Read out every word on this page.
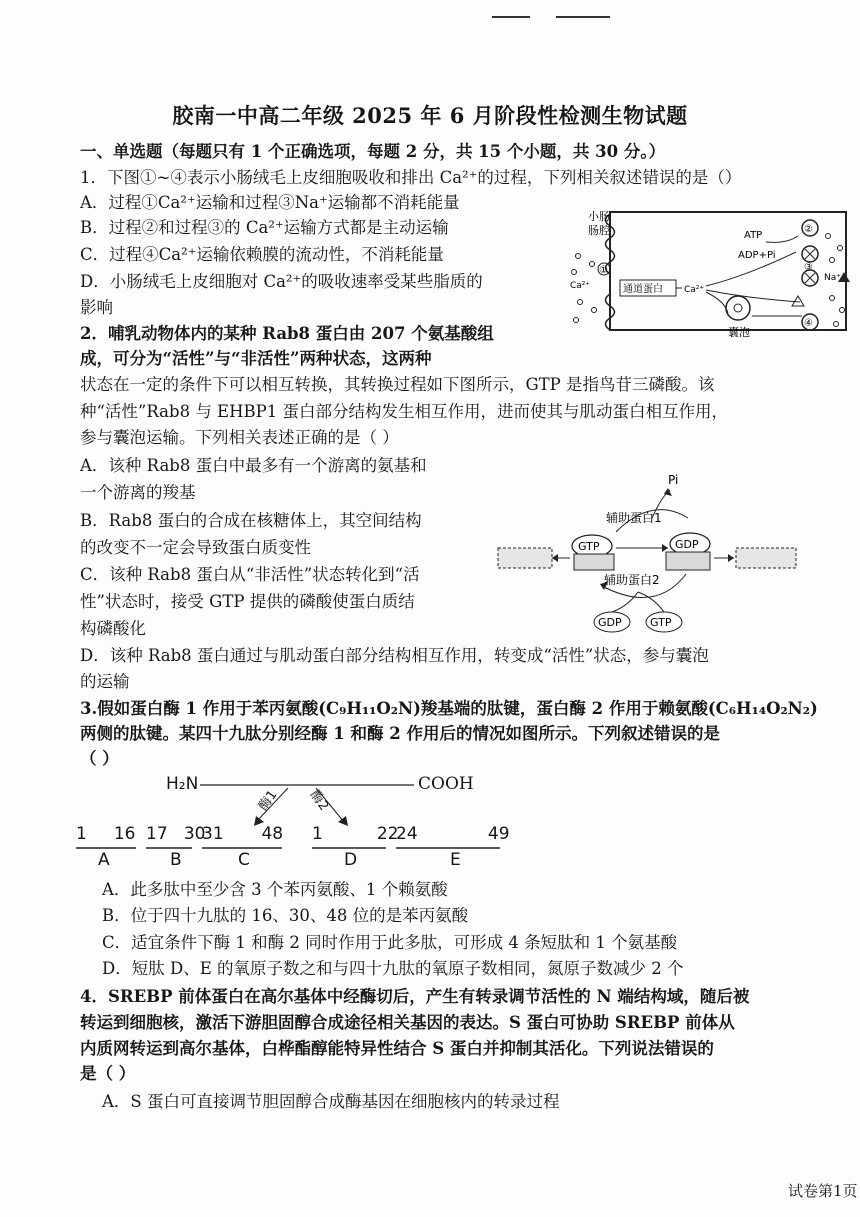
胶南一中高二年级 2025 年 6 月阶段性检测生物试题
一、单选题（每题只有 1 个正确选项，每题 2 分，共 15 个小题，共 30 分。）
1．下图①~④表示小肠绒毛上皮细胞吸收和排出 Ca²⁺的过程，下列相关叙述错误的是（）
A．过程①Ca²⁺运输和过程③Na⁺运输都不消耗能量
B．过程②和过程③的 Ca²⁺运输方式都是主动运输
C．过程④Ca²⁺运输依赖膜的流动性，不消耗能量
D．小肠绒毛上皮细胞对 Ca²⁺的吸收速率受某些脂质的
影响
小肠
肠腔
Ca²⁺
①
通道蛋白 Ca²⁺
囊泡
ATP
ADP+Pi
②
③
Na⁺
④
2．哺乳动物体内的某种 Rab8 蛋白由 207 个氨基酸组
成，可分为“活性”与“非活性”两种状态，这两种
状态在一定的条件下可以相互转换，其转换过程如下图所示，GTP 是指鸟苷三磷酸。该
种“活性”Rab8 与 EHBP1 蛋白部分结构发生相互作用，进而使其与肌动蛋白相互作用，
参与囊泡运输。下列相关表述正确的是（ ）
A．该种 Rab8 蛋白中最多有一个游离的氨基和
一个游离的羧基
B．Rab8 蛋白的合成在核糖体上，其空间结构
的改变不一定会导致蛋白质变性
C．该种 Rab8 蛋白从“非活性”状态转化到“活
性”状态时，接受 GTP 提供的磷酸使蛋白质结
构磷酸化
D．该种 Rab8 蛋白通过与肌动蛋白部分结构相互作用，转变成“活性”状态，参与囊泡
的运输
Pi
辅助蛋白1
GTP	GDP
辅助蛋白2
GDP	GTP
3.假如蛋白酶 1 作用于苯丙氨酸(C₉H₁₁O₂N)羧基端的肽键，蛋白酶 2 作用于赖氨酸(C₆H₁₄O₂N₂)
两侧的肽键。某四十九肽分别经酶 1 和酶 2 作用后的情况如图所示。下列叙述错误的是
（ ）
H₂N	COOH
酶1 酶2
1     16 17   30
31       48 1          22
24             49
A	B	C	D	E
A．此多肽中至少含 3 个苯丙氨酸、1 个赖氨酸
B．位于四十九肽的 16、30、48 位的是苯丙氨酸
C．适宜条件下酶 1 和酶 2 同时作用于此多肽，可形成 4 条短肽和 1 个氨基酸
D．短肽 D、E 的氧原子数之和与四十九肽的氧原子数相同，氮原子数减少 2 个
4．SREBP 前体蛋白在高尔基体中经酶切后，产生有转录调节活性的 N 端结构域，随后被
转运到细胞核，激活下游胆固醇合成途径相关基因的表达。S 蛋白可协助 SREBP 前体从
内质网转运到高尔基体，白桦酯醇能特异性结合 S 蛋白并抑制其活化。下列说法错误的
是（ ）
A．S 蛋白可直接调节胆固醇合成酶基因在细胞核内的转录过程
试卷第1页
